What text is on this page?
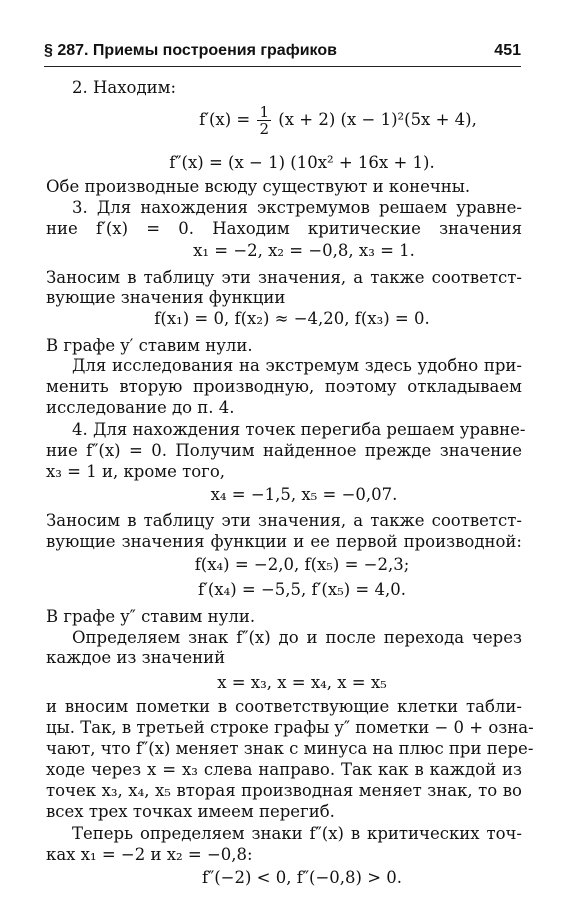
§ 287. Приемы построения графиков	451
2. Находим:
$f'(x) = \frac{1}{2} (x + 2) (x - 1)^2(5x + 4)$,
f″(x) = (x − 1) (10x² + 16x + 1).
Обе производные всюду существуют и конечны.
3. Для нахождения экстремумов решаем уравне-
ние f′(x) = 0. Находим критические значения
x₁ = −2, x₂ = −0,8, x₃ = 1.
Заносим в таблицу эти значения, а также соответст-
вующие значения функции
f(x₁) = 0, f(x₂) ≈ −4,20, f(x₃) = 0.
В графе y′ ставим нули.
Для исследования на экстремум здесь удобно при-
менить вторую производную, поэтому откладываем
исследование до п. 4.
4. Для нахождения точек перегиба решаем уравне-
ние f″(x) = 0. Получим найденное прежде значение
x₃ = 1 и, кроме того,
x₄ = −1,5, x₅ = −0,07.
Заносим в таблицу эти значения, а также соответст-
вующие значения функции и ее первой производной:
f(x₄) = −2,0, f(x₅) = −2,3;
f′(x₄) = −5,5, f′(x₅) = 4,0.
В графе y″ ставим нули.
Определяем знак f″(x) до и после перехода через
каждое из значений
x = x₃, x = x₄, x = x₅
и вносим пометки в соответствующие клетки табли-
цы. Так, в третьей строке графы y″ пометки − 0 + озна-
чают, что f″(x) меняет знак с минуса на плюс при пере-
ходе через x = x₃ слева направо. Так как в каждой из
точек x₃, x₄, x₅ вторая производная меняет знак, то во
всех трех точках имеем перегиб.
Теперь определяем знаки f″(x) в критических точ-
ках x₁ = −2 и x₂ = −0,8:
f″(−2) < 0, f″(−0,8) > 0.
